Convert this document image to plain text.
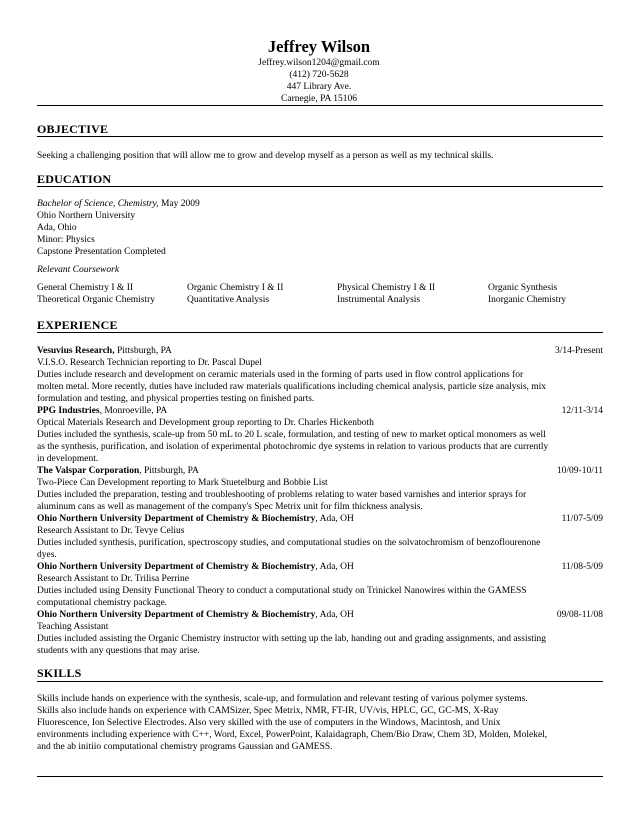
Jeffrey Wilson
Jeffrey.wilson1204@gmail.com
(412) 720-5628
447 Library Ave.
Carnegie, PA 15106
OBJECTIVE
Seeking a challenging position that will allow me to grow and develop myself as a person as well as my technical skills.
EDUCATION
Bachelor of Science, Chemistry, May 2009
Ohio Northern University
Ada, Ohio
Minor: Physics
Capstone Presentation Completed
Relevant Coursework
General Chemistry I & II	Organic Chemistry I & II	Physical Chemistry I & II	Organic Synthesis
Theoretical Organic Chemistry	Quantitative Analysis	Instrumental Analysis	Inorganic Chemistry
EXPERIENCE
Vesuvius Research, Pittsburgh, PA	3/14-Present
V.I.S.O. Research Technician reporting to Dr. Pascal Dupel
Duties include research and development on ceramic materials used in the forming of parts used in flow control applications for
molten metal. More recently, duties have included raw materials qualifications including chemical analysis, particle size analysis, mix
formulation and testing, and physical properties testing on finished parts.
PPG Industries, Monroeville, PA	12/11-3/14
Optical Materials Research and Development group reporting to Dr. Charles Hickenboth
Duties included the synthesis, scale-up from 50 mL to 20 L scale, formulation, and testing of new to market optical monomers as well
as the synthesis, purification, and isolation of experimental photochromic dye systems in relation to various products that are currently
in development.
The Valspar Corporation, Pittsburgh, PA	10/09-10/11
Two-Piece Can Development reporting to Mark Stuetelburg and Bobbie List
Duties included the preparation, testing and troubleshooting of problems relating to water based varnishes and interior sprays for
aluminum cans as well as management of the company's Spec Metrix unit for film thickness analysis.
Ohio Northern University Department of Chemistry & Biochemistry, Ada, OH	11/07-5/09
Research Assistant to Dr. Tevye Celius
Duties included synthesis, purification, spectroscopy studies, and computational studies on the solvatochromism of benzoflourenone
dyes.
Ohio Northern University Department of Chemistry & Biochemistry, Ada, OH	11/08-5/09
Research Assistant to Dr. Trilisa Perrine
Duties included using Density Functional Theory to conduct a computational study on Trinickel Nanowires within the GAMESS
computational chemistry package.
Ohio Northern University Department of Chemistry & Biochemistry, Ada, OH	09/08-11/08
Teaching Assistant
Duties included assisting the Organic Chemistry instructor with setting up the lab, handing out and grading assignments, and assisting
students with any questions that may arise.
SKILLS
Skills include hands on experience with the synthesis, scale-up, and formulation and relevant testing of various polymer systems.
Skills also include hands on experience with CAMSizer, Spec Metrix, NMR, FT-IR, UV/vis, HPLC, GC, GC-MS, X-Ray
Fluorescence, Ion Selective Electrodes. Also very skilled with the use of computers in the Windows, Macintosh, and Unix
environments including experience with C++, Word, Excel, PowerPoint, Kalaidagraph, Chem/Bio Draw, Chem 3D, Molden, Molekel,
and the ab initiio computational chemistry programs Gaussian and GAMESS.
